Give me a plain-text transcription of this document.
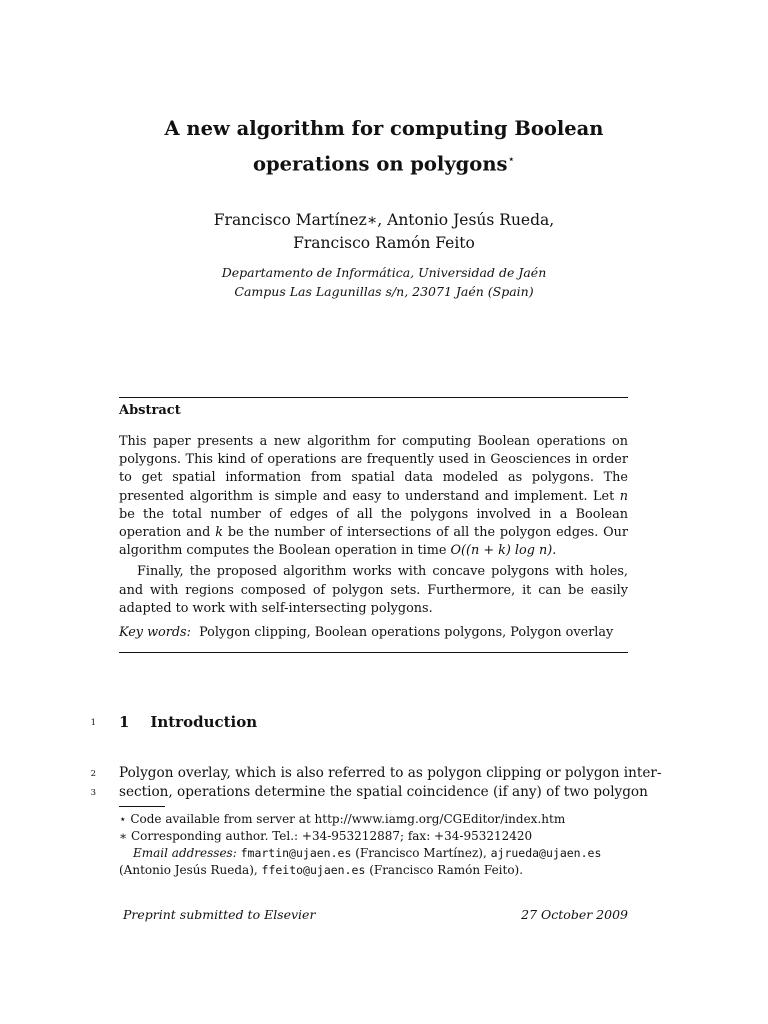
A new algorithm for computing Boolean
operations on polygons⋆
Francisco Martínez∗, Antonio Jesús Rueda,
Francisco Ramón Feito
Departamento de Informática, Universidad de Jaén
Campus Las Lagunillas s/n, 23071 Jaén (Spain)
Abstract

This paper presents a new algorithm for computing Boolean operations on polygons. This kind of operations are frequently used in Geosciences in order to get spatial information from spatial data modeled as polygons. The presented algorithm is simple and easy to understand and implement. Let n be the total number of edges of all the polygons involved in a Boolean operation and k be the number of intersections of all the polygon edges. Our algorithm computes the Boolean operation in time O((n + k) log n).

Finally, the proposed algorithm works with concave polygons with holes, and with regions composed of polygon sets. Furthermore, it can be easily adapted to work with self-intersecting polygons.

Key words: Polygon clipping, Boolean operations polygons, Polygon overlay
1
2
3
1 Introduction
Polygon overlay, which is also referred to as polygon clipping or polygon inter-
section, operations determine the spatial coincidence (if any) of two polygon
⋆ Code available from server at http://www.iamg.org/CGEditor/index.htm
∗ Corresponding author. Tel.: +34-953212887; fax: +34-953212420
Email addresses: fmartin@ujaen.es (Francisco Martínez), ajrueda@ujaen.es
(Antonio Jesús Rueda), ffeito@ujaen.es (Francisco Ramón Feito).
Preprint submitted to Elsevier	27 October 2009
